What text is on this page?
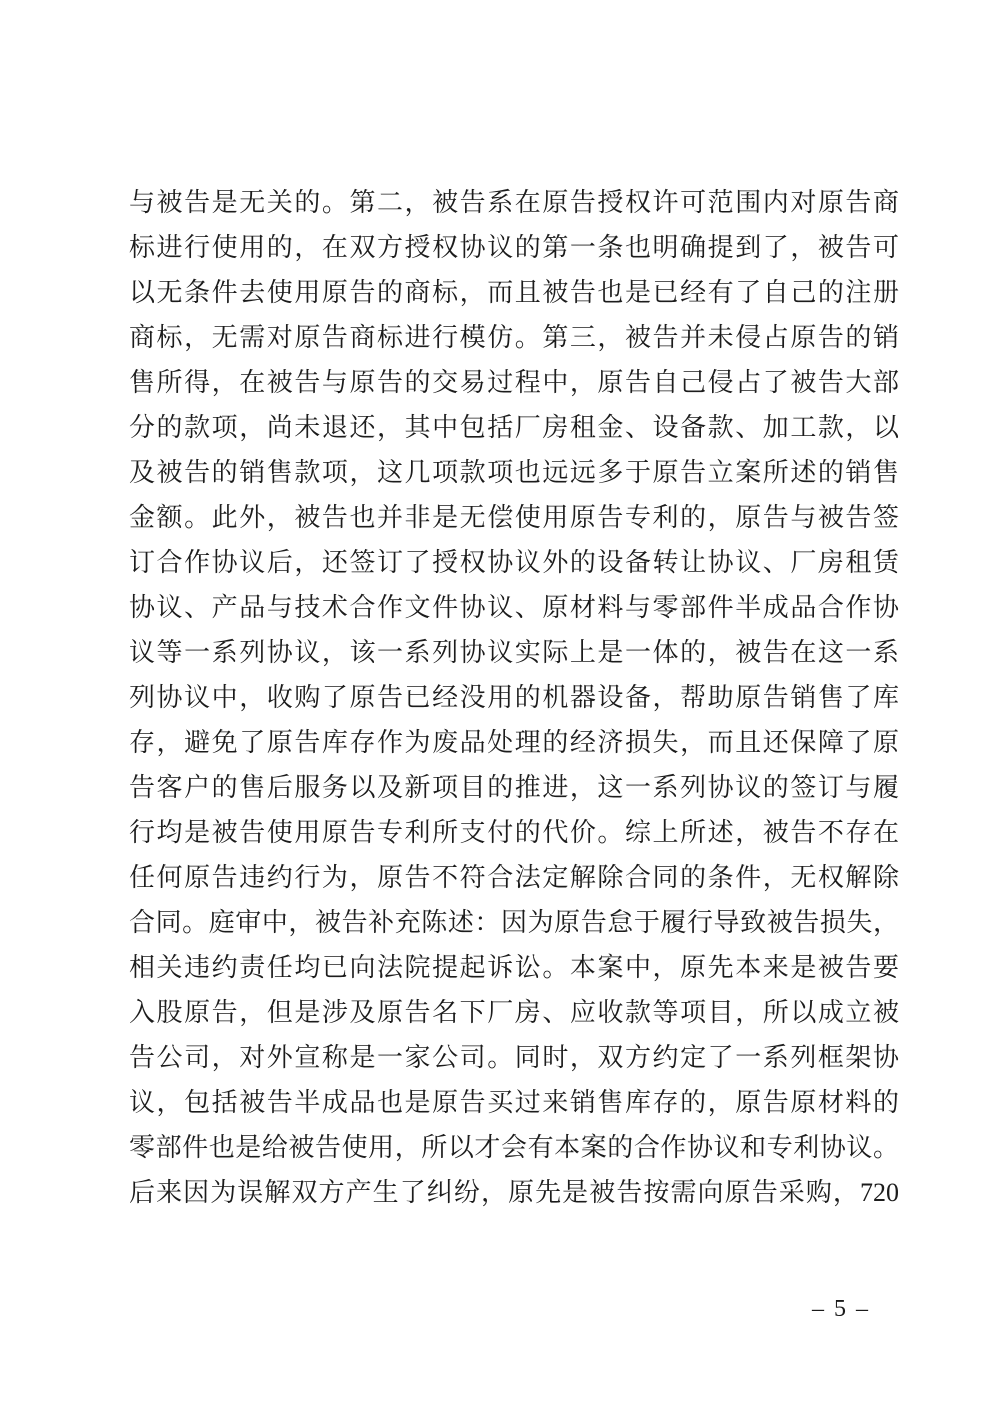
与被告是无关的。第二，被告系在原告授权许可范围内对原告商
标进行使用的，在双方授权协议的第一条也明确提到了，被告可
以无条件去使用原告的商标，而且被告也是已经有了自己的注册
商标，无需对原告商标进行模仿。第三，被告并未侵占原告的销
售所得，在被告与原告的交易过程中，原告自己侵占了被告大部
分的款项，尚未退还，其中包括厂房租金、设备款、加工款，以
及被告的销售款项，这几项款项也远远多于原告立案所述的销售
金额。此外，被告也并非是无偿使用原告专利的，原告与被告签
订合作协议后，还签订了授权协议外的设备转让协议、厂房租赁
协议、产品与技术合作文件协议、原材料与零部件半成品合作协
议等一系列协议，该一系列协议实际上是一体的，被告在这一系
列协议中，收购了原告已经没用的机器设备，帮助原告销售了库
存，避免了原告库存作为废品处理的经济损失，而且还保障了原
告客户的售后服务以及新项目的推进，这一系列协议的签订与履
行均是被告使用原告专利所支付的代价。综上所述，被告不存在
任何原告违约行为，原告不符合法定解除合同的条件，无权解除
合同。庭审中，被告补充陈述：因为原告怠于履行导致被告损失，
相关违约责任均已向法院提起诉讼。本案中，原先本来是被告要
入股原告，但是涉及原告名下厂房、应收款等项目，所以成立被
告公司，对外宣称是一家公司。同时，双方约定了一系列框架协
议，包括被告半成品也是原告买过来销售库存的，原告原材料的
零部件也是给被告使用，所以才会有本案的合作协议和专利协议。
后来因为误解双方产生了纠纷，原先是被告按需向原告采购，720
– 5 –
